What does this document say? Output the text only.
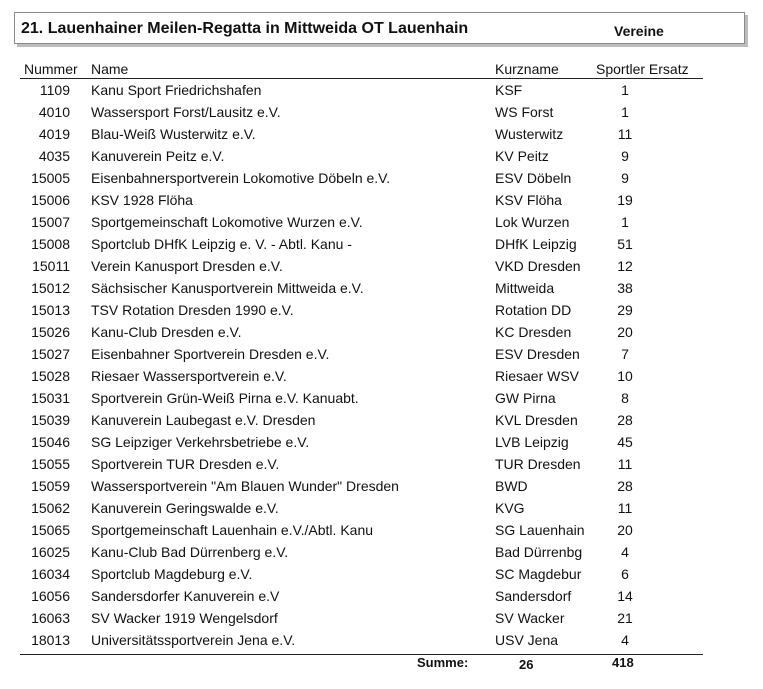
21. Lauenhainer Meilen-Regatta in Mittweida OT Lauenhain	Vereine
Nummer Name	Kurzname	Sportler Ersatz
1109 Kanu Sport Friedrichshafen	KSF	1
4010 Wassersport Forst/Lausitz e.V.	WS Forst	1
4019 Blau-Weiß Wusterwitz e.V.	Wusterwitz	11
4035 Kanuverein Peitz e.V.	KV Peitz	9
15005 Eisenbahnersportverein Lokomotive Döbeln e.V.	ESV Döbeln	9
15006 KSV 1928 Flöha	KSV Flöha	19
15007 Sportgemeinschaft Lokomotive Wurzen e.V.	Lok Wurzen	1
15008 Sportclub DHfK Leipzig e. V. - Abtl. Kanu -	DHfK Leipzig	51
15011 Verein Kanusport Dresden e.V.	VKD Dresden	12
15012 Sächsischer Kanusportverein Mittweida e.V.	Mittweida	38
15013 TSV Rotation Dresden 1990 e.V.	Rotation DD	29
15026 Kanu-Club Dresden e.V.	KC Dresden	20
15027 Eisenbahner Sportverein Dresden e.V.	ESV Dresden	7
15028 Riesaer Wassersportverein e.V.	Riesaer WSV	10
15031 Sportverein Grün-Weiß Pirna e.V. Kanuabt.	GW Pirna	8
15039 Kanuverein Laubegast e.V. Dresden	KVL Dresden	28
15046 SG Leipziger Verkehrsbetriebe e.V.	LVB Leipzig	45
15055 Sportverein TUR Dresden e.V.	TUR Dresden	11
15059 Wassersportverein "Am Blauen Wunder" Dresden	BWD	28
15062 Kanuverein Geringswalde e.V.	KVG	11
15065 Sportgemeinschaft Lauenhain e.V./Abtl. Kanu	SG Lauenhain	20
16025 Kanu-Club Bad Dürrenberg e.V.	Bad Dürrenbg	4
16034 Sportclub Magdeburg e.V.	SC Magdebur	6
16056 Sandersdorfer Kanuverein e.V	Sandersdorf	14
16063 SV Wacker 1919 Wengelsdorf	SV Wacker	21
18013 Universitätssportverein Jena e.V.	USV Jena	4
Summe:	26	418
